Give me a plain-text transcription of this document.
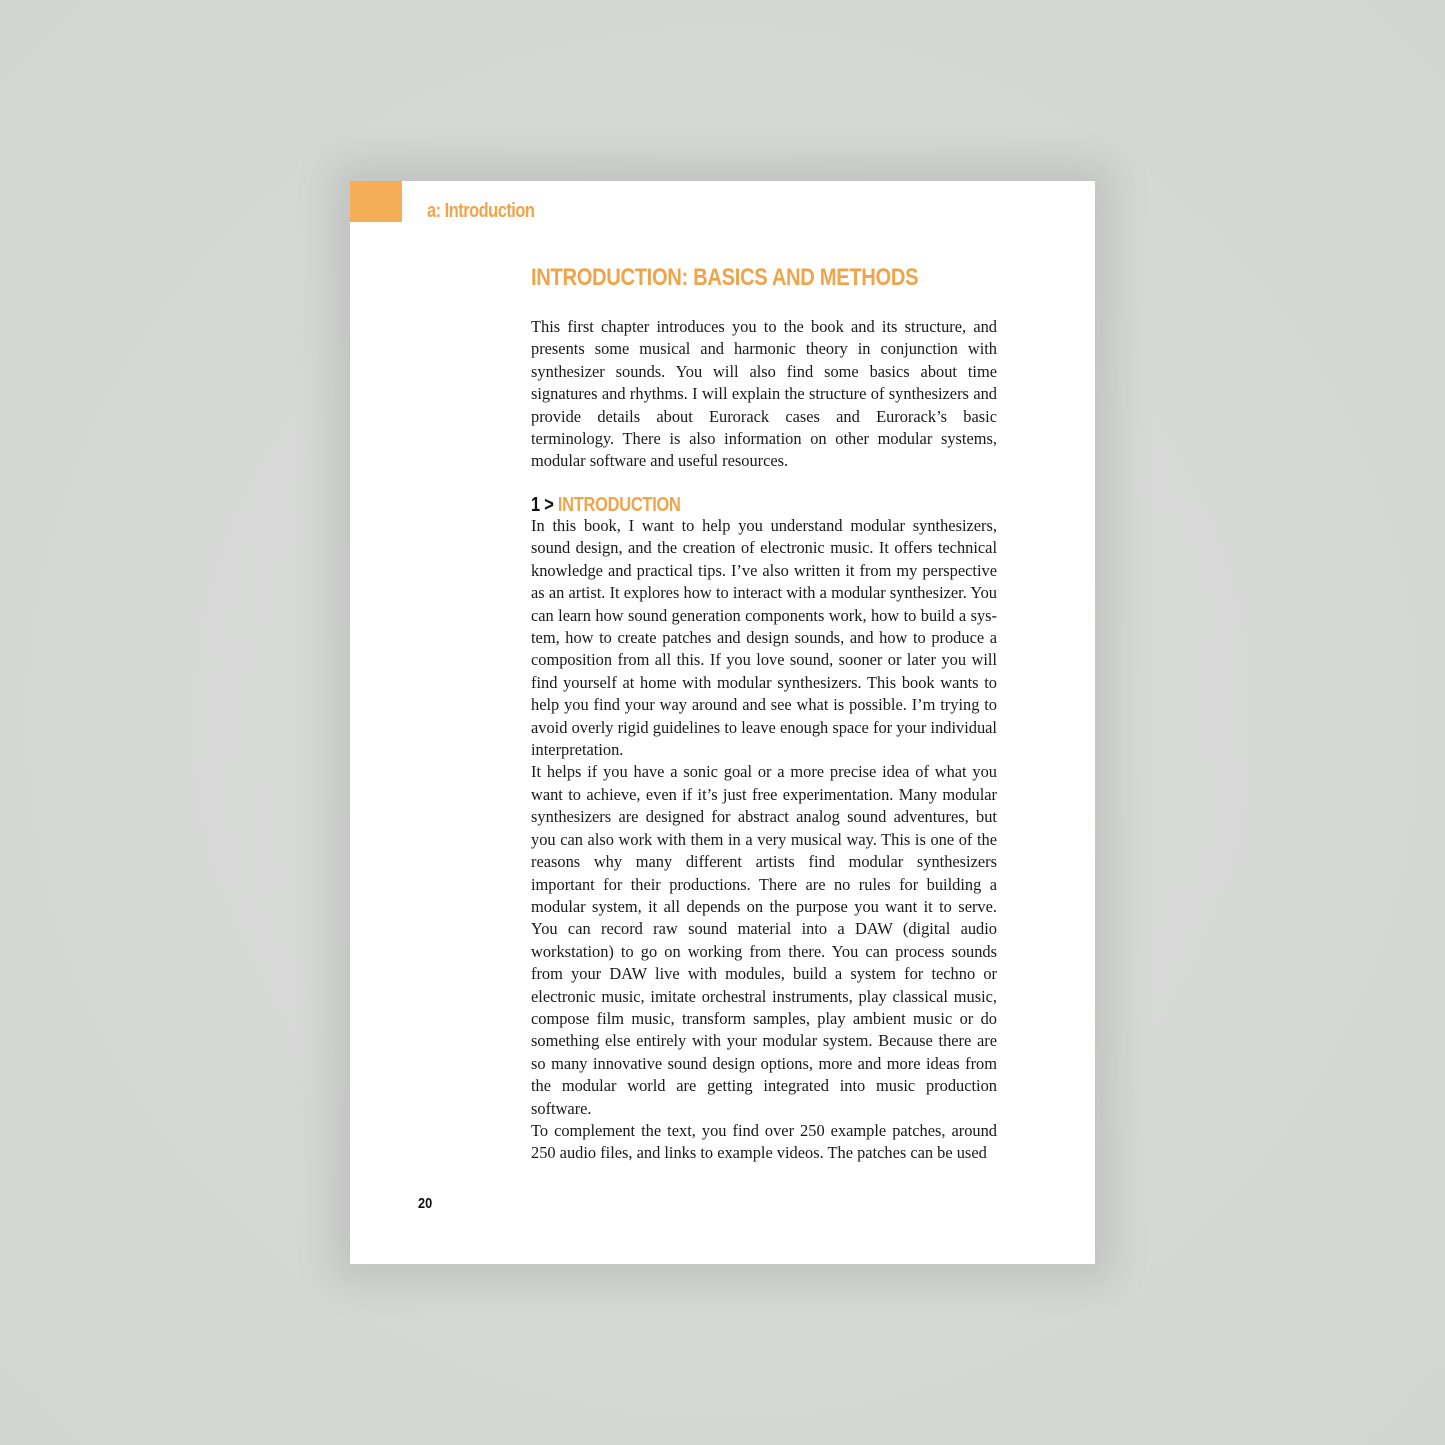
a: Introduction
INTRODUCTION: BASICS AND METHODS

This first chapter introduces you to the book and its structure, and presents some musical and harmonic theory in conjunction with synthesizer sounds. You will also find some basics about time signatures and rhythms. I will explain the structure of synthesizers and provide details about Eurorack cases and Eurorack’s basic terminology. There is also information on other modular systems, modular software and useful resources.

1 > INTRODUCTION

In this book, I want to help you understand modular synthesizers, sound design, and the creation of electronic music. It offers technical knowledge and practical tips. I’ve also written it from my perspective as an artist. It explores how to interact with a modular synthesizer. You can learn how sound generation components work, how to build a system, how to create patches and design sounds, and how to produce a composition from all this. If you love sound, sooner or later you will find yourself at home with modular synthesizers. This book wants to help you find your way around and see what is possible. I’m trying to avoid overly rigid guidelines to leave enough space for your individual interpretation.

It helps if you have a sonic goal or a more precise idea of what you want to achieve, even if it’s just free experimentation. Many modular synthesizers are designed for abstract analog sound adventures, but you can also work with them in a very musical way. This is one of the reasons why many different artists find modular synthesizers important for their productions. There are no rules for building a modular system, it all depends on the purpose you want it to serve. You can record raw sound material into a DAW (digital audio workstation) to go on working from there. You can process sounds from your DAW live with modules, build a system for techno or electronic music, imitate orchestral instruments, play classical music, compose film music, transform samples, play ambient music or do something else entirely with your modular system. Because there are so many innovative sound design options, more and more ideas from the modular world are getting integrated into music production software.

To complement the text, you find over 250 example patches, around 250 audio files, and links to example videos. The patches can be used

20
